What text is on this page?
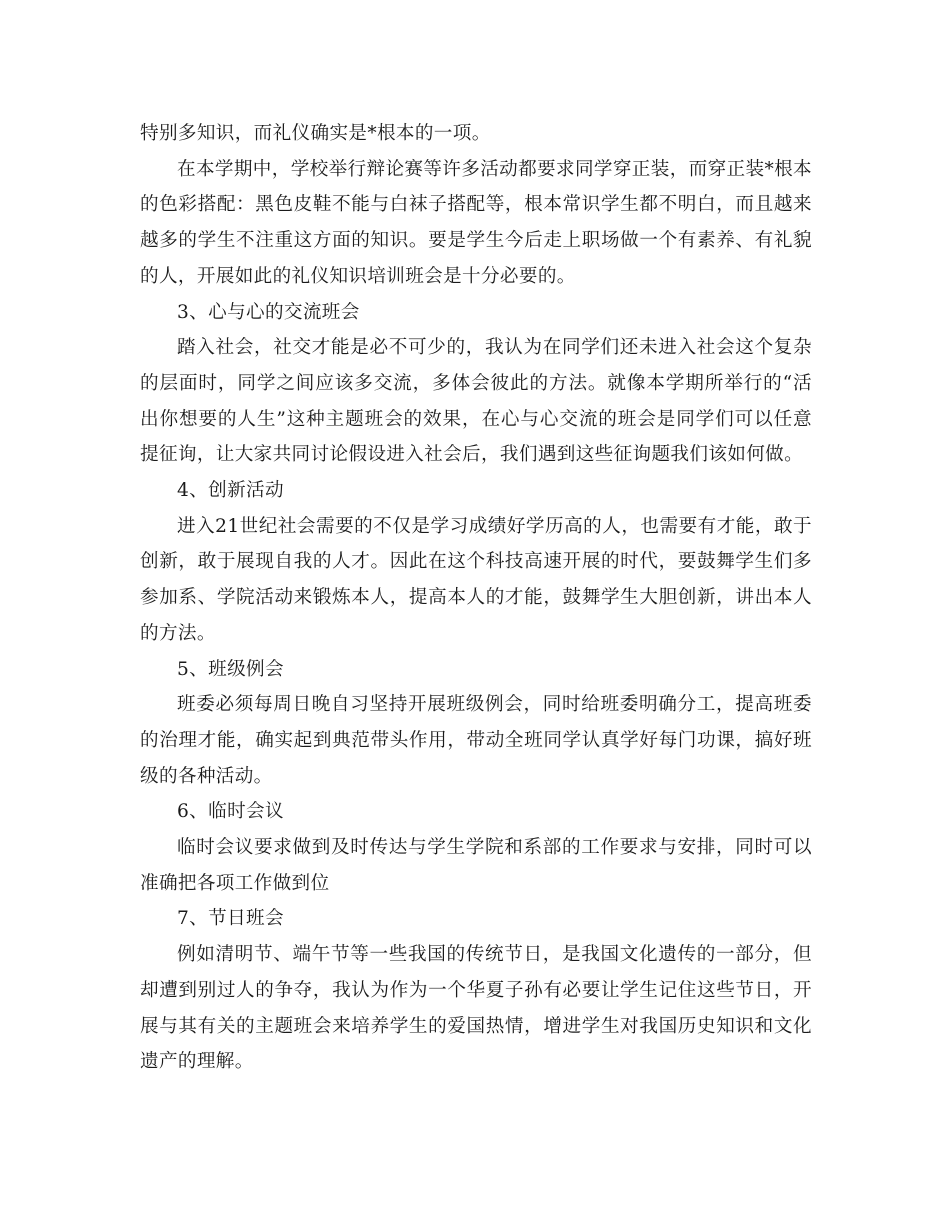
特别多知识，而礼仪确实是*根本的一项。

在本学期中，学校举行辩论赛等许多活动都要求同学穿正装，而穿正装*根本的色彩搭配：黑色皮鞋不能与白袜子搭配等，根本常识学生都不明白，而且越来越多的学生不注重这方面的知识。要是学生今后走上职场做一个有素养、有礼貌的人，开展如此的礼仪知识培训班会是十分必要的。

3、心与心的交流班会

踏入社会，社交才能是必不可少的，我认为在同学们还未进入社会这个复杂的层面时，同学之间应该多交流，多体会彼此的方法。就像本学期所举行的“活出你想要的人生”这种主题班会的效果，在心与心交流的班会是同学们可以任意提征询，让大家共同讨论假设进入社会后，我们遇到这些征询题我们该如何做。

4、创新活动

进入21世纪社会需要的不仅是学习成绩好学历高的人，也需要有才能，敢于创新，敢于展现自我的人才。因此在这个科技高速开展的时代，要鼓舞学生们多参加系、学院活动来锻炼本人，提高本人的才能，鼓舞学生大胆创新，讲出本人的方法。

5、班级例会

班委必须每周日晚自习坚持开展班级例会，同时给班委明确分工，提高班委的治理才能，确实起到典范带头作用，带动全班同学认真学好每门功课，搞好班级的各种活动。

6、临时会议

临时会议要求做到及时传达与学生学院和系部的工作要求与安排，同时可以准确把各项工作做到位

7、节日班会

例如清明节、端午节等一些我国的传统节日，是我国文化遗传的一部分，但却遭到别过人的争夺，我认为作为一个华夏子孙有必要让学生记住这些节日，开展与其有关的主题班会来培养学生的爱国热情，增进学生对我国历史知识和文化遗产的理解。
